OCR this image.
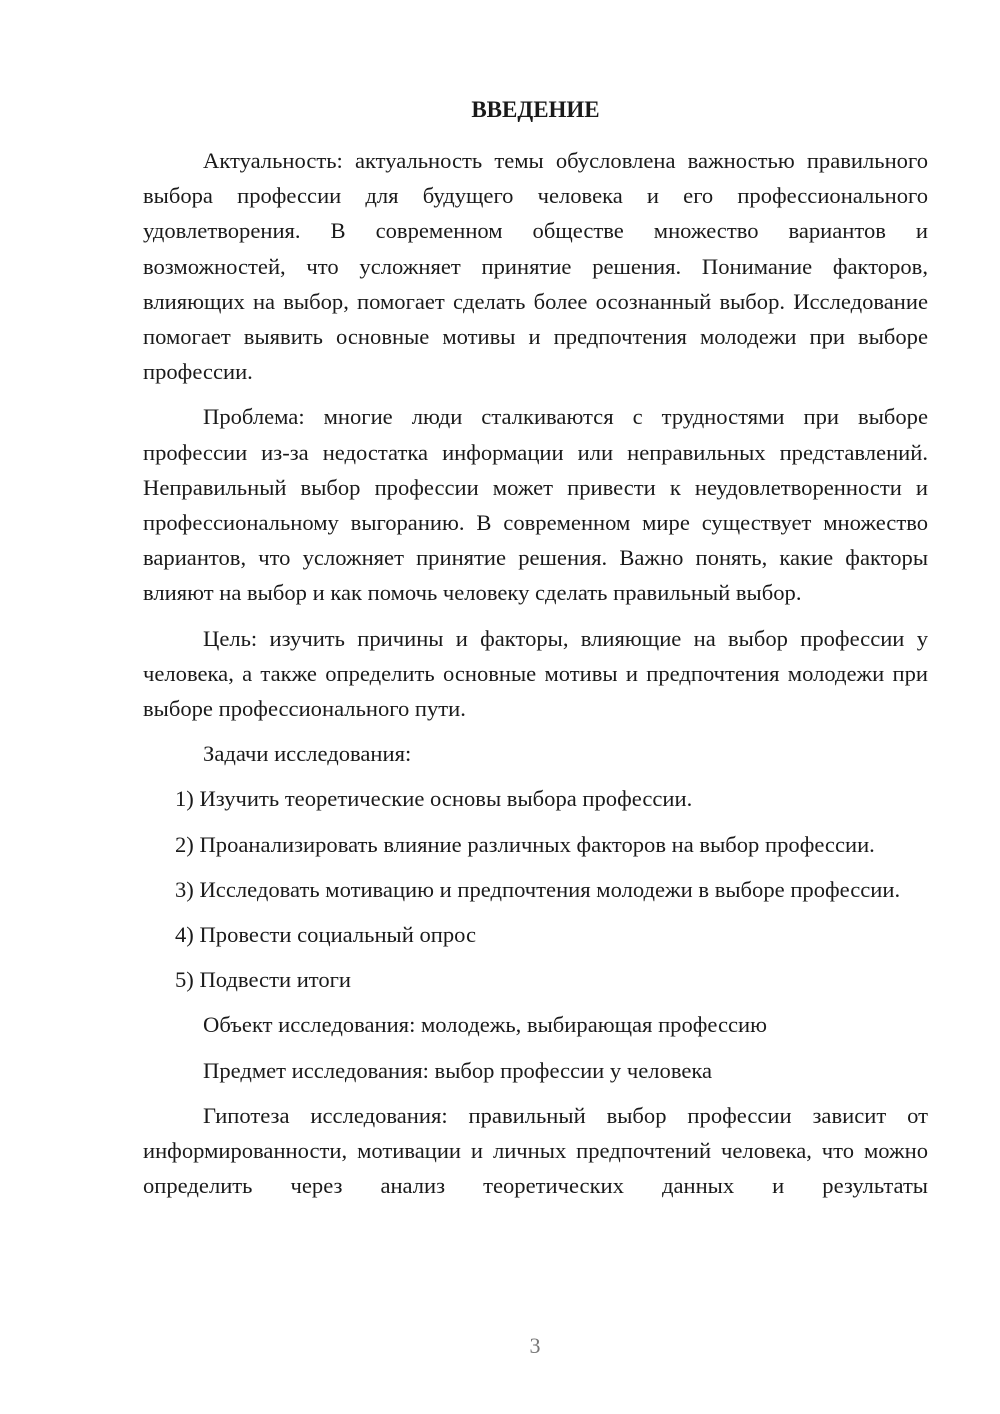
ВВЕДЕНИЕ

Актуальность: актуальность темы обусловлена важностью правильного выбора профессии для будущего человека и его профессионального удовлетворения. В современном обществе множество вариантов и возможностей, что усложняет принятие решения. Понимание факторов, влияющих на выбор, помогает сделать более осознанный выбор. Исследование помогает выявить основные мотивы и предпочтения молодежи при выборе профессии.

Проблема: многие люди сталкиваются с трудностями при выборе профессии из-за недостатка информации или неправильных представлений. Неправильный выбор профессии может привести к неудовлетворенности и профессиональному выгоранию. В современном мире существует множество вариантов, что усложняет принятие решения. Важно понять, какие факторы влияют на выбор и как помочь человеку сделать правильный выбор.

Цель: изучить причины и факторы, влияющие на выбор профессии у человека, а также определить основные мотивы и предпочтения молодежи при выборе профессионального пути.

Задачи исследования:

1) Изучить теоретические основы выбора профессии.

2) Проанализировать влияние различных факторов на выбор профессии.

3) Исследовать мотивацию и предпочтения молодежи в выборе профессии.

4) Провести социальный опрос

5) Подвести итоги

Объект исследования: молодежь, выбирающая профессию

Предмет исследования: выбор профессии у человека

Гипотеза исследования: правильный выбор профессии зависит от информированности, мотивации и личных предпочтений человека, что можно определить через анализ теоретических данных и результаты

3
